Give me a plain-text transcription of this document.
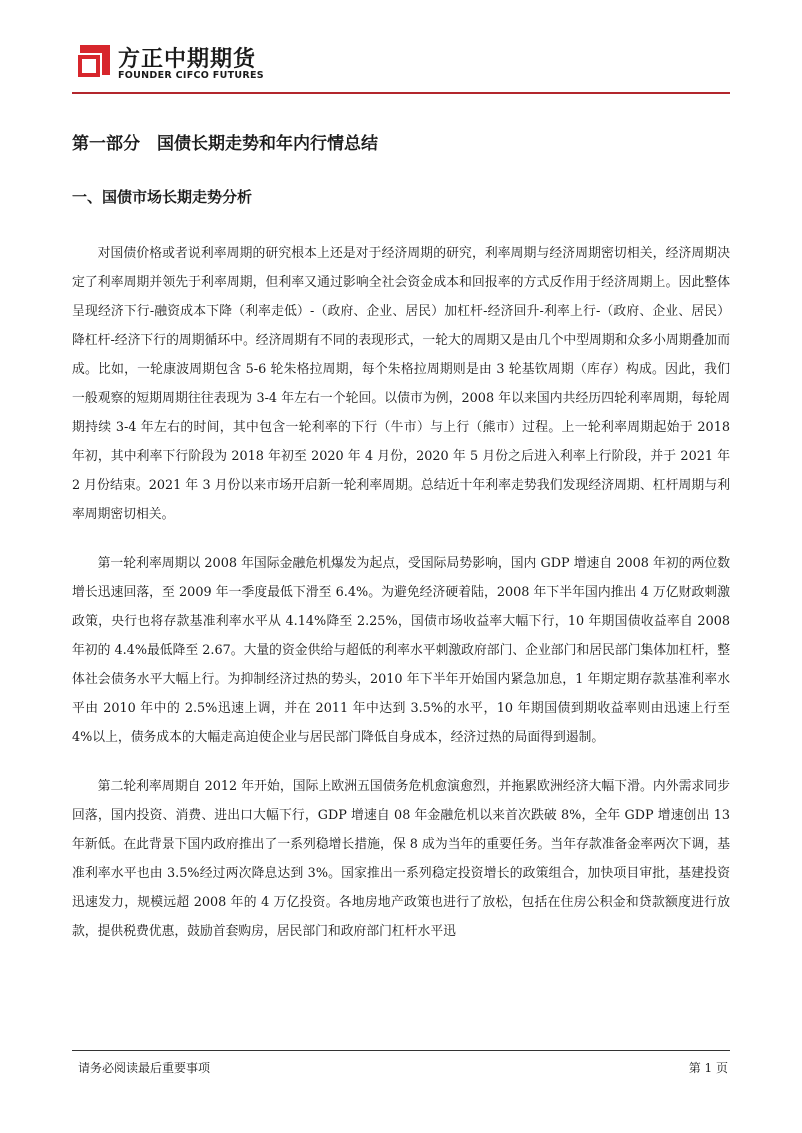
方正中期期货
FOUNDER CIFCO FUTURES
第一部分　国债长期走势和年内行情总结
一、国债市场长期走势分析

对国债价格或者说利率周期的研究根本上还是对于经济周期的研究，利率周期与经济周期密切相关，经济周期决定了利率周期并领先于利率周期，但利率又通过影响全社会资金成本和回报率的方式反作用于经济周期上。因此整体呈现经济下行-融资成本下降（利率走低）-（政府、企业、居民）加杠杆-经济回升-利率上行-（政府、企业、居民）降杠杆-经济下行的周期循环中。经济周期有不同的表现形式，一轮大的周期又是由几个中型周期和众多小周期叠加而成。比如，一轮康波周期包含 5-6 轮朱格拉周期，每个朱格拉周期则是由 3 轮基钦周期（库存）构成。因此，我们一般观察的短期周期往往表现为 3-4 年左右一个轮回。以债市为例，2008 年以来国内共经历四轮利率周期，每轮周期持续 3-4 年左右的时间，其中包含一轮利率的下行（牛市）与上行（熊市）过程。上一轮利率周期起始于 2018 年初，其中利率下行阶段为 2018 年初至 2020 年 4 月份，2020 年 5 月份之后进入利率上行阶段，并于 2021 年 2 月份结束。2021 年 3 月份以来市场开启新一轮利率周期。总结近十年利率走势我们发现经济周期、杠杆周期与利率周期密切相关。

第一轮利率周期以 2008 年国际金融危机爆发为起点，受国际局势影响，国内 GDP 增速自 2008 年初的两位数增长迅速回落，至 2009 年一季度最低下滑至 6.4%。为避免经济硬着陆，2008 年下半年国内推出 4 万亿财政刺激政策，央行也将存款基准利率水平从 4.14%降至 2.25%，国债市场收益率大幅下行，10 年期国债收益率自 2008 年初的 4.4%最低降至 2.67。大量的资金供给与超低的利率水平刺激政府部门、企业部门和居民部门集体加杠杆，整体社会债务水平大幅上行。为抑制经济过热的势头，2010 年下半年开始国内紧急加息，1 年期定期存款基准利率水平由 2010 年中的 2.5%迅速上调，并在 2011 年中达到 3.5%的水平，10 年期国债到期收益率则由迅速上行至 4%以上，债务成本的大幅走高迫使企业与居民部门降低自身成本，经济过热的局面得到遏制。

第二轮利率周期自 2012 年开始，国际上欧洲五国债务危机愈演愈烈，并拖累欧洲经济大幅下滑。内外需求同步回落，国内投资、消费、进出口大幅下行，GDP 增速自 08 年金融危机以来首次跌破 8%，全年 GDP 增速创出 13 年新低。在此背景下国内政府推出了一系列稳增长措施，保 8 成为当年的重要任务。当年存款准备金率两次下调，基准利率水平也由 3.5%经过两次降息达到 3%。国家推出一系列稳定投资增长的政策组合，加快项目审批，基建投资迅速发力，规模远超 2008 年的 4 万亿投资。各地房地产政策也进行了放松，包括在住房公积金和贷款额度进行放款，提供税费优惠，鼓励首套购房，居民部门和政府部门杠杆水平迅

请务必阅读最后重要事项	第 1 页
